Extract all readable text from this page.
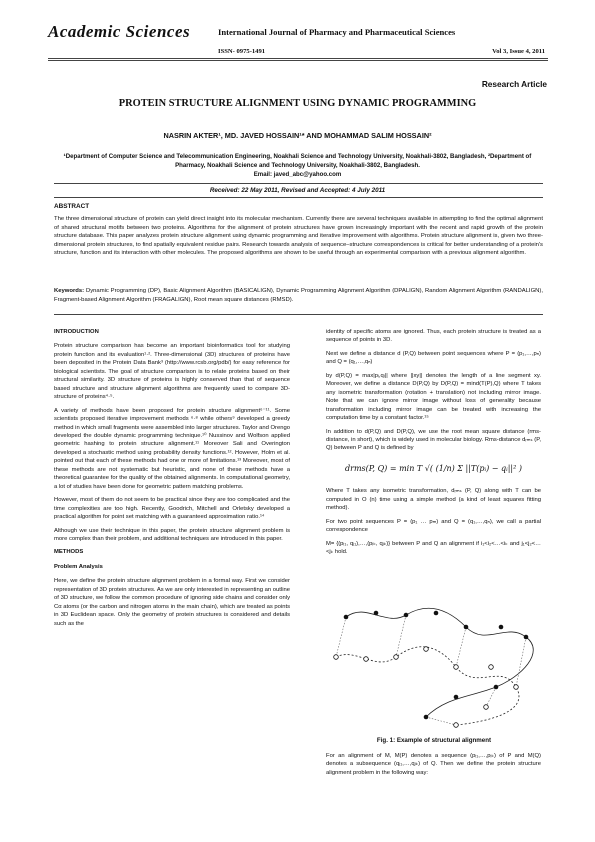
Academic Sciences	International Journal of Pharmacy and Pharmaceutical Sciences
ISSN- 0975-1491	Vol 3, Issue 4, 2011
Research Article
PROTEIN STRUCTURE ALIGNMENT USING DYNAMIC PROGRAMMING
NASRIN AKTER¹, MD. JAVED HOSSAIN¹* AND MOHAMMAD SALIM HOSSAIN²
¹Department of Computer Science and Telecommunication Engineering, Noakhali Science and Technology University, Noakhali-3802, Bangladesh, ²Department of Pharmacy, Noakhali Science and Technology University, Noakhali-3802, Bangladesh.
Email: javed_abc@yahoo.com
Received: 22 May 2011, Revised and Accepted: 4 July 2011
ABSTRACT
The three dimensional structure of protein can yield direct insight into its molecular mechanism. Currently there are several techniques available in attempting to find the optimal alignment of shared structural motifs between two proteins. Algorithms for the alignment of protein structures have grown increasingly important with the recent and rapid growth of the protein structure database. This paper analyzes protein structure alignment using dynamic programming and iterative improvement with algorithms. Protein structure alignment is, given two three-dimensional protein structures, to find spatially equivalent residue pairs. Research towards analysis of sequence–structure correspondences is critical for better understanding of a protein's structure, function and its interaction with other molecules. The proposed algorithms are shown to be useful through an experimental comparison with a previous alignment algorithm.
Keywords: Dynamic Programming (DP), Basic Alignment Algorithm (BASICALIGN), Dynamic Programming Alignment Algorithm (DPALIGN), Random Alignment Algorithm (RANDALIGN), Fragment-based Alignment Algorithm (FRAGALIGN), Root mean square distances (RMSD).

INTRODUCTION

Protein structure comparison has become an important bioinformatics tool for studying protein function and its evaluation¹·². Three-dimensional (3D) structures of proteins have been deposited in the Protein Data Bank³ (http://www.rcsb.org/pdb/) for easy reference for biological scientists. The goal of structure comparison is to relate proteins based on their structural similarity. 3D structure of proteins is highly conserved than that of sequence based structure and structure alignment algorithms are frequently used to compare 3D-structure of proteins⁴·⁵.

A variety of methods have been proposed for protein structure alignment⁶⁻¹¹. Some scientists proposed iterative improvement methods ⁶·⁸ while others⁹ developed a greedy method in which small fragments were assembled into larger structures. Taylor and Orengo developed the double dynamic programming technique.¹⁰ Nussinov and Wolfson applied geometric hashing to protein structure alignment.¹¹ Moreover Sali and Overington developed a stochastic method using probability density functions.¹². However, Holm et al. pointed out that each of these methods had one or more of limitations.¹³ Moreover, most of these methods are not systematic but heuristic, and none of these methods have a theoretical guarantee for the quality of the obtained alignments. In computational geometry, a lot of studies have been done for geometric pattern matching problems.

However, most of them do not seem to be practical since they are too complicated and the time complexities are too high. Recently, Goodrich, Mitchell and Orletsky developed a practical algorithm for point set matching with a guaranteed approximation ratio.¹⁴

Although we use their technique in this paper, the protein structure alignment problem is more complex than their problem, and additional techniques are introduced in this paper.

METHODS

Problem Analysis

Here, we define the protein structure alignment problem in a formal way. First we consider representation of 3D protein structures. As we are only interested in representing an outline of 3D structure, we follow the common procedure of ignoring side chains and consider only Cα atoms (or the carbon and nitrogen atoms in the main chain), which are treated as points in 3D Euclidean space. Only the geometry of protein structures is considered and details such as the

identity of specific atoms are ignored. Thus, each protein structure is treated as a sequence of points in 3D.

Next we define a distance d (P,Q) between point sequences where P = (p₁,…,pₙ) and Q = (q₁,…,qₙ)

by d(P,Q) = max|pᵢ,qᵢ|| where ||xy|| denotes the length of a line segment xy. Moreover, we define a distance D(P,Q) by D(P,Q) = mind(T(P),Q) where T takes any isometric transformation (rotation + translation) not including mirror image. Note that we can ignore mirror image without loss of generality because transformation including mirror image can be treated with increasing the computation time by a constant factor.¹⁵

In addition to d(P,Q) and D(P,Q), we use the root mean square distance (rms-distance, in short), which is widely used in molecular biology. Rms-distance dᵣₘₛ (P, Q) between P and Q is defined by

drms(P, Q) = min T √( (1/n) Σ ||T(pᵢ) − qᵢ||² )

Where T takes any isometric transformation, dᵣₘₛ (P, Q) along with T can be computed in O (n) time using a simple method (a kind of least squares fitting method).

For two point sequences P = (p₁ … pₘ) and Q = (q₁,…,qₙ), we call a partial correspondence

M= {(pᵢ₁, qⱼ₁),…,(pᵢₖ, qⱼₖ)} between P and Q an alignment if i₁<i₂<…<iₖ and j₁<j₂<…<jₖ hold.

Fig. 1: Example of structural alignment

For an alignment of M, M(P) denotes a sequence (pᵢ₁,…,pᵢₖ) of P and M(Q) denotes a subsequence (qⱼ₁,…,qⱼₖ) of Q. Then we define the protein structure alignment problem in the following way:
